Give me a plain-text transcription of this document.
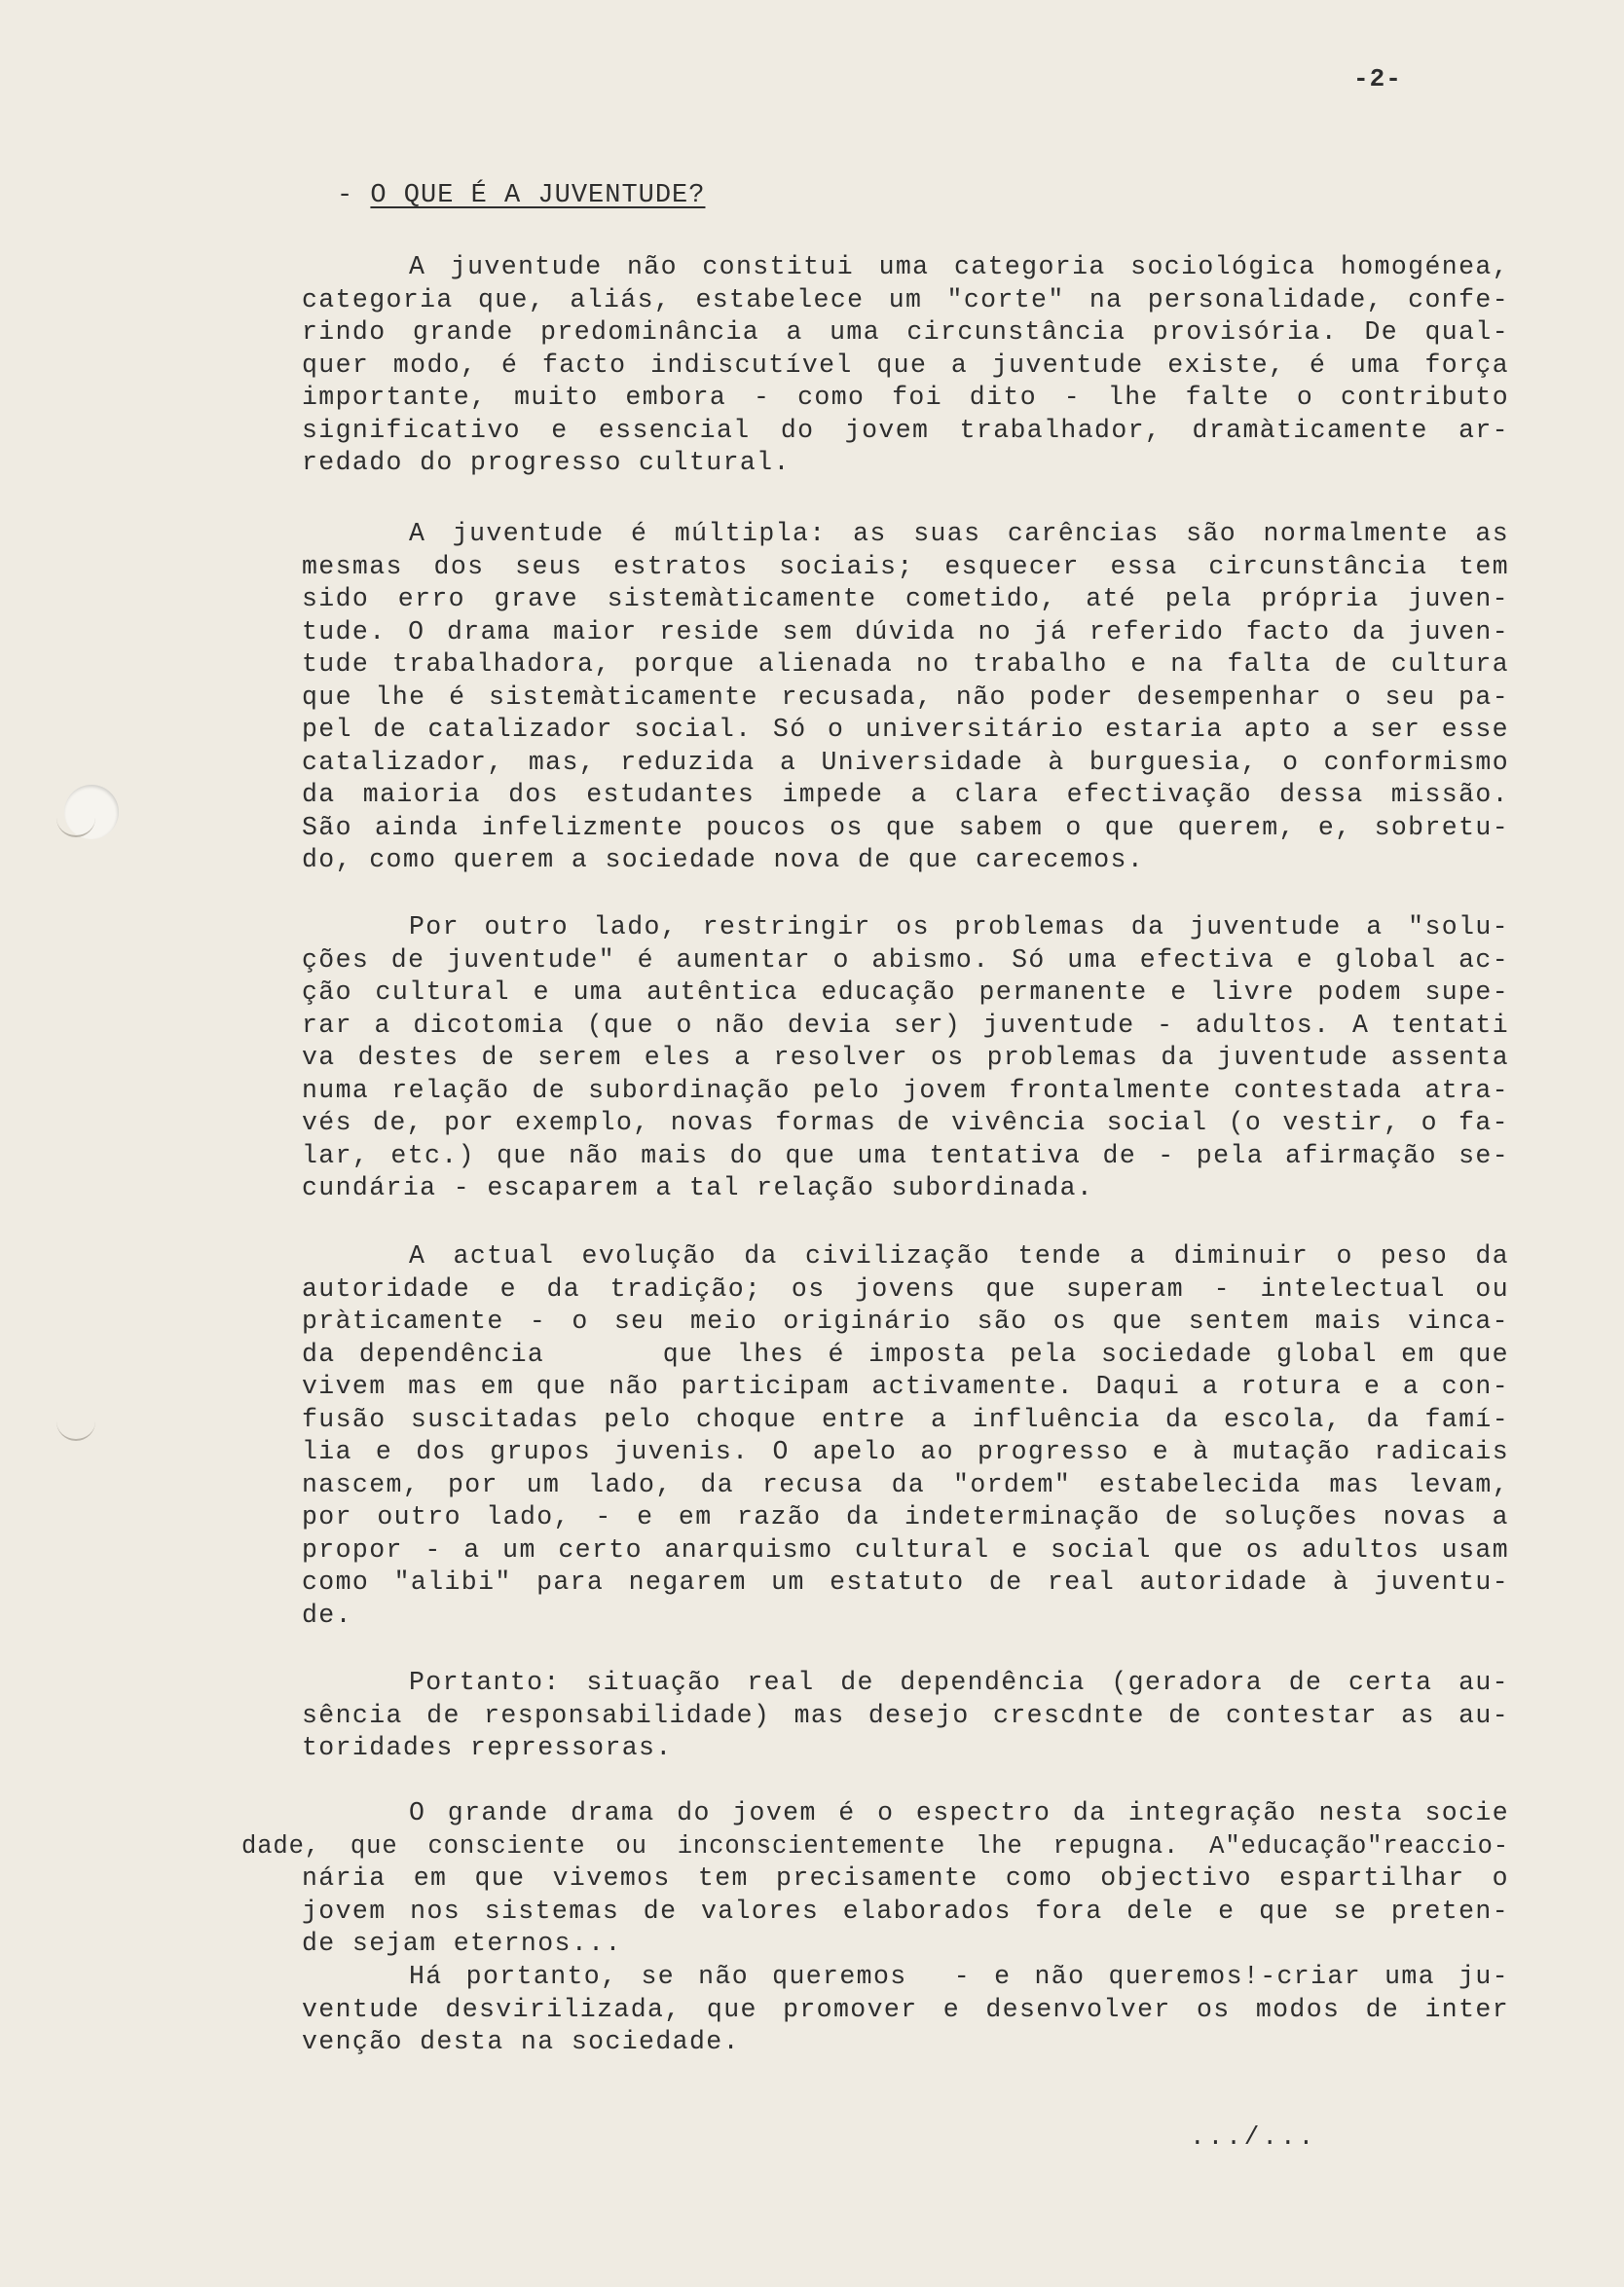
-2-
- O QUE É A JUVENTUDE?
A juventude não constitui uma categoria sociológica homogénea,
categoria que, aliás, estabelece um "corte" na personalidade, confe-
rindo grande predominância a uma circunstância provisória. De qual-
quer modo, é facto indiscutível que a juventude existe, é uma força
importante, muito embora - como foi dito - lhe falte o contributo
significativo e essencial do jovem trabalhador, dramàticamente ar-
redado do progresso cultural.
A juventude é múltipla: as suas carências são normalmente as
mesmas dos seus estratos sociais; esquecer essa circunstância tem
sido erro grave sistemàticamente cometido, até pela própria juven-
tude. O drama maior reside sem dúvida no já referido facto da juven-
tude trabalhadora, porque alienada no trabalho e na falta de cultura
que lhe é sistemàticamente recusada, não poder desempenhar o seu pa-
pel de catalizador social. Só o universitário estaria apto a ser esse
catalizador, mas, reduzida a Universidade à burguesia, o conformismo
da maioria dos estudantes impede a clara efectivação dessa missão.
São ainda infelizmente poucos os que sabem o que querem, e, sobretu-
do, como querem a sociedade nova de que carecemos.
Por outro lado, restringir os problemas da juventude a "solu-
ções de juventude" é aumentar o abismo. Só uma efectiva e global ac-
ção cultural e uma autêntica educação permanente e livre podem supe-
rar a dicotomia (que o não devia ser) juventude - adultos. A tentati
va destes de serem eles a resolver os problemas da juventude assenta
numa relação de subordinação pelo jovem frontalmente contestada atra-
vés de, por exemplo, novas formas de vivência social (o vestir, o fa-
lar, etc.) que não mais do que uma tentativa de - pela afirmação se-
cundária - escaparem a tal relação subordinada.
A actual evolução da civilização tende a diminuir o peso da
autoridade e da tradição; os jovens que superam - intelectual ou
pràticamente - o seu meio originário são os que sentem mais vinca-
da dependência     que lhes é imposta pela sociedade global em que
vivem mas em que não participam activamente. Daqui a rotura e a con-
fusão suscitadas pelo choque entre a influência da escola, da famí-
lia e dos grupos juvenis. O apelo ao progresso e à mutação radicais
nascem, por um lado, da recusa da "ordem" estabelecida mas levam,
por outro lado, - e em razão da indeterminação de soluções novas a
propor - a um certo anarquismo cultural e social que os adultos usam
como "alibi" para negarem um estatuto de real autoridade à juventu-
de.
Portanto: situação real de dependência (geradora de certa au-
sência de responsabilidade) mas desejo crescdnte de contestar as au-
toridades repressoras.
O grande drama do jovem é o espectro da integração nesta socie
dade, que consciente ou inconscientemente lhe repugna. A"educação"reaccio-
nária em que vivemos tem precisamente como objectivo espartilhar o
jovem nos sistemas de valores elaborados fora dele e que se preten-
de sejam eternos...
Há portanto, se não queremos  - e não queremos!-criar uma ju-
ventude desvirilizada, que promover e desenvolver os modos de inter
venção desta na sociedade.
.../...
